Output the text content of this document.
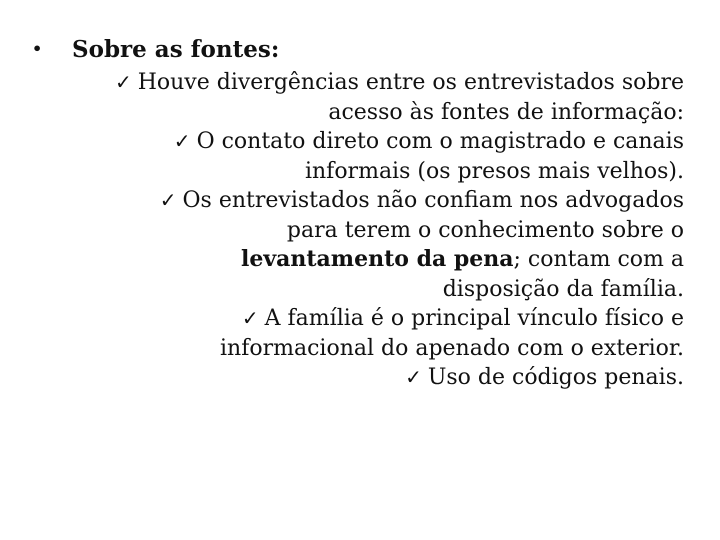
• Sobre as fontes:
✓ Houve divergências entre os entrevistados sobre
acesso às fontes de informação:
✓ O contato direto com o magistrado e canais
informais (os presos mais velhos).
✓ Os entrevistados não confiam nos advogados
para terem o conhecimento sobre o
levantamento da pena; contam com a
disposição da família.
✓ A família é o principal vínculo físico e
informacional do apenado com o exterior.
✓ Uso de códigos penais.
